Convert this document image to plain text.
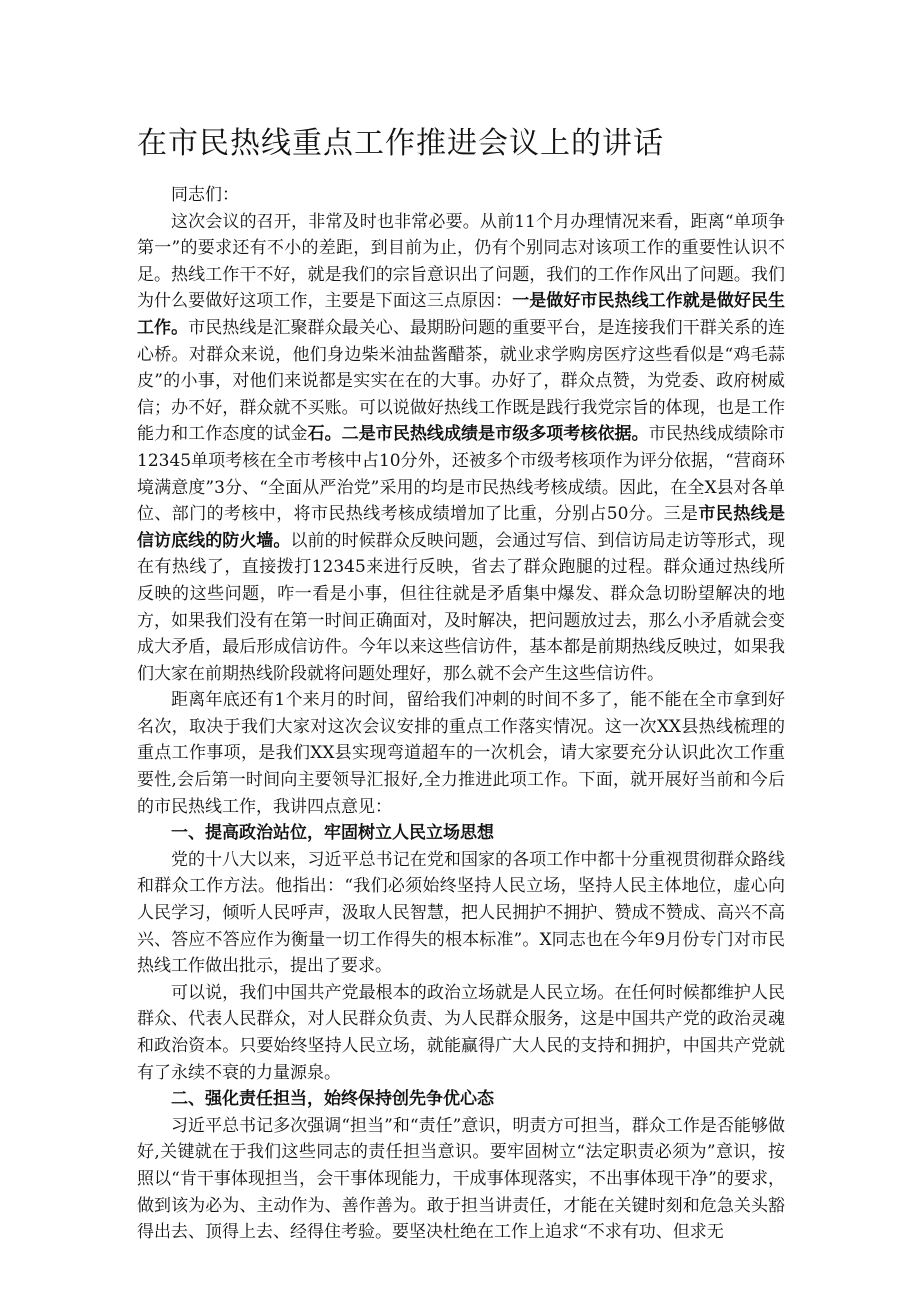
在市民热线重点工作推进会议上的讲话

同志们：

这次会议的召开，非常及时也非常必要。从前11个月办理情况来看，距离“单项争第一”的要求还有不小的差距，到目前为止，仍有个别同志对该项工作的重要性认识不足。热线工作干不好，就是我们的宗旨意识出了问题，我们的工作作风出了问题。我们为什么要做好这项工作，主要是下面这三点原因：一是做好市民热线工作就是做好民生工作。市民热线是汇聚群众最关心、最期盼问题的重要平台，是连接我们干群关系的连心桥。对群众来说，他们身边柴米油盐酱醋茶，就业求学购房医疗这些看似是“鸡毛蒜皮”的小事，对他们来说都是实实在在的大事。办好了，群众点赞，为党委、政府树威信；办不好，群众就不买账。可以说做好热线工作既是践行我党宗旨的体现，也是工作能力和工作态度的试金石。二是市民热线成绩是市级多项考核依据。市民热线成绩除市12345单项考核在全市考核中占10分外，还被多个市级考核项作为评分依据，“营商环境满意度”3分、“全面从严治党”采用的均是市民热线考核成绩。因此，在全X县对各单位、部门的考核中，将市民热线考核成绩增加了比重，分别占50分。三是市民热线是信访底线的防火墙。以前的时候群众反映问题，会通过写信、到信访局走访等形式，现在有热线了，直接拨打12345来进行反映，省去了群众跑腿的过程。群众通过热线所反映的这些问题，咋一看是小事，但往往就是矛盾集中爆发、群众急切盼望解决的地方，如果我们没有在第一时间正确面对，及时解决，把问题放过去，那么小矛盾就会变成大矛盾，最后形成信访件。今年以来这些信访件，基本都是前期热线反映过，如果我们大家在前期热线阶段就将问题处理好，那么就不会产生这些信访件。

距离年底还有1个来月的时间，留给我们冲刺的时间不多了，能不能在全市拿到好名次，取决于我们大家对这次会议安排的重点工作落实情况。这一次XX县热线梳理的重点工作事项，是我们XX县实现弯道超车的一次机会，请大家要充分认识此次工作重要性,会后第一时间向主要领导汇报好,全力推进此项工作。下面，就开展好当前和今后的市民热线工作，我讲四点意见：

一、提高政治站位，牢固树立人民立场思想

党的十八大以来，习近平总书记在党和国家的各项工作中都十分重视贯彻群众路线和群众工作方法。他指出：“我们必须始终坚持人民立场，坚持人民主体地位，虚心向人民学习，倾听人民呼声，汲取人民智慧，把人民拥护不拥护、赞成不赞成、高兴不高兴、答应不答应作为衡量一切工作得失的根本标准”。X同志也在今年9月份专门对市民热线工作做出批示，提出了要求。

可以说，我们中国共产党最根本的政治立场就是人民立场。在任何时候都维护人民群众、代表人民群众，对人民群众负责、为人民群众服务，这是中国共产党的政治灵魂和政治资本。只要始终坚持人民立场，就能赢得广大人民的支持和拥护，中国共产党就有了永续不衰的力量源泉。

二、强化责任担当，始终保持创先争优心态

习近平总书记多次强调“担当”和“责任”意识，明责方可担当，群众工作是否能够做好,关键就在于我们这些同志的责任担当意识。要牢固树立“法定职责必须为”意识，按照以“肯干事体现担当，会干事体现能力，干成事体现落实，不出事体现干净”的要求，做到该为必为、主动作为、善作善为。敢于担当讲责任，才能在关键时刻和危急关头豁得出去、顶得上去、经得住考验。要坚决杜绝在工作上追求“不求有功、但求无
